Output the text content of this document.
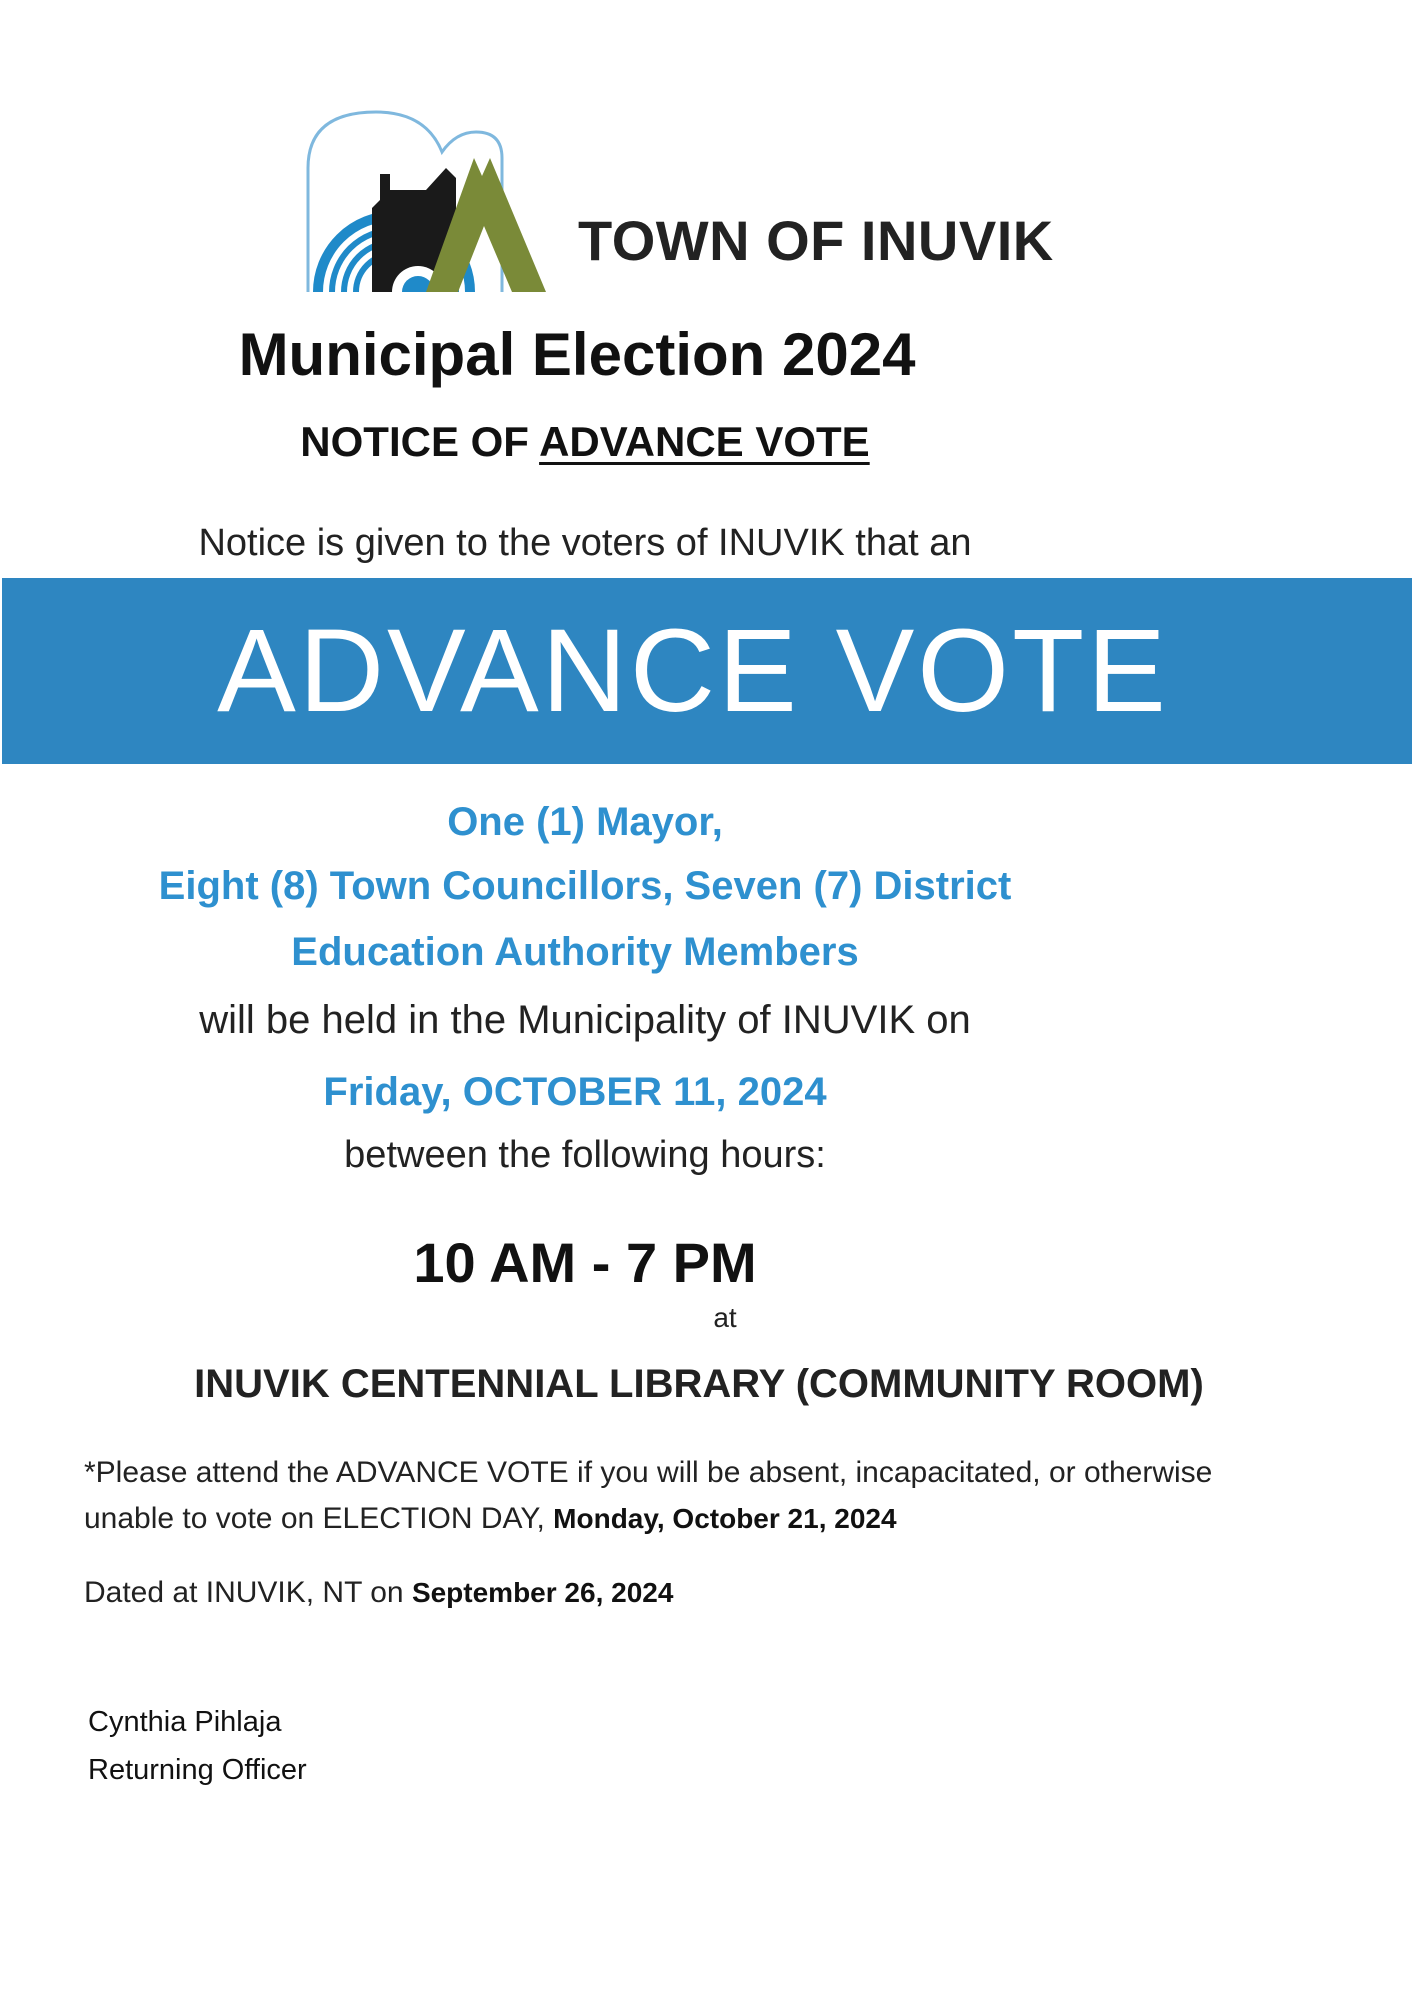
TOWN OF INUVIK
Municipal Election 2024
NOTICE OF ADVANCE VOTE
Notice is given to the voters of INUVIK that an
ADVANCE VOTE
One (1) Mayor,
Eight (8) Town Councillors, Seven (7) District
Education Authority Members
will be held in the Municipality of INUVIK on
Friday, OCTOBER 11, 2024
between the following hours:
10 AM - 7 PM
at
INUVIK CENTENNIAL LIBRARY (COMMUNITY ROOM)
*Please attend the ADVANCE VOTE if you will be absent, incapacitated, or otherwise
unable to vote on ELECTION DAY, Monday, October 21, 2024
Dated at INUVIK, NT on September 26, 2024
Cynthia Pihlaja
Returning Officer
